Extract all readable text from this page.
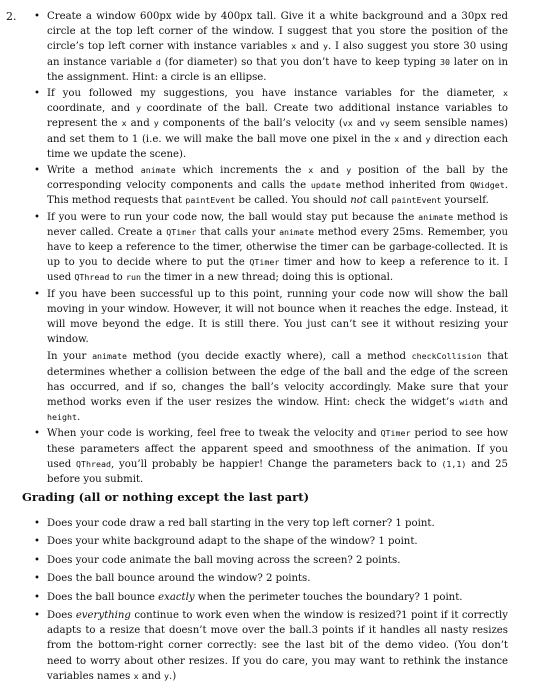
2. • Create a window 600px wide by 400px tall. Give it a white background and a 30px red circle at the top left corner of the window. I suggest that you store the position of the circle’s top left corner with instance variables x and y. I also suggest you store 30 using an instance variable d (for diameter) so that you don’t have to keep typing 30 later on in the assignment. Hint: a circle is an ellipse.
• If you followed my suggestions, you have instance variables for the diameter, x coordinate, and y coordinate of the ball. Create two additional instance variables to represent the x and y components of the ball’s velocity (vx and vy seem sensible names) and set them to 1 (i.e. we will make the ball move one pixel in the x and y direction each time we update the scene).
• Write a method animate which increments the x and y position of the ball by the corresponding velocity components and calls the update method inherited from QWidget. This method requests that paintEvent be called. You should not call paintEvent yourself.
• If you were to run your code now, the ball would stay put because the animate method is never called. Create a QTimer that calls your animate method every 25ms. Remember, you have to keep a reference to the timer, otherwise the timer can be garbage-collected. It is up to you to decide where to put the QTimer timer and how to keep a reference to it. I used QThread to run the timer in a new thread; doing this is optional.
• If you have been successful up to this point, running your code now will show the ball moving in your window. However, it will not bounce when it reaches the edge. Instead, it will move beyond the edge. It is still there. You just can’t see it without resizing your window.
In your animate method (you decide exactly where), call a method checkCollision that determines whether a collision between the edge of the ball and the edge of the screen has occurred, and if so, changes the ball’s velocity accordingly. Make sure that your method works even if the user resizes the window. Hint: check the widget’s width and height.
• When your code is working, feel free to tweak the velocity and QTimer period to see how these parameters affect the apparent speed and smoothness of the animation. If you used QThread, you’ll probably be happier! Change the parameters back to (1,1) and 25 before you submit.
Grading (all or nothing except the last part)
• Does your code draw a red ball starting in the very top left corner? 1 point.
• Does your white background adapt to the shape of the window? 1 point.
• Does your code animate the ball moving across the screen? 2 points.
• Does the ball bounce around the window? 2 points.
• Does the ball bounce exactly when the perimeter touches the boundary? 1 point.
• Does everything continue to work even when the window is resized?1 point if it correctly adapts to a resize that doesn’t move over the ball.3 points if it handles all nasty resizes from the bottom-right corner correctly: see the last bit of the demo video. (You don’t need to worry about other resizes. If you do care, you may want to rethink the instance variables names x and y.)
